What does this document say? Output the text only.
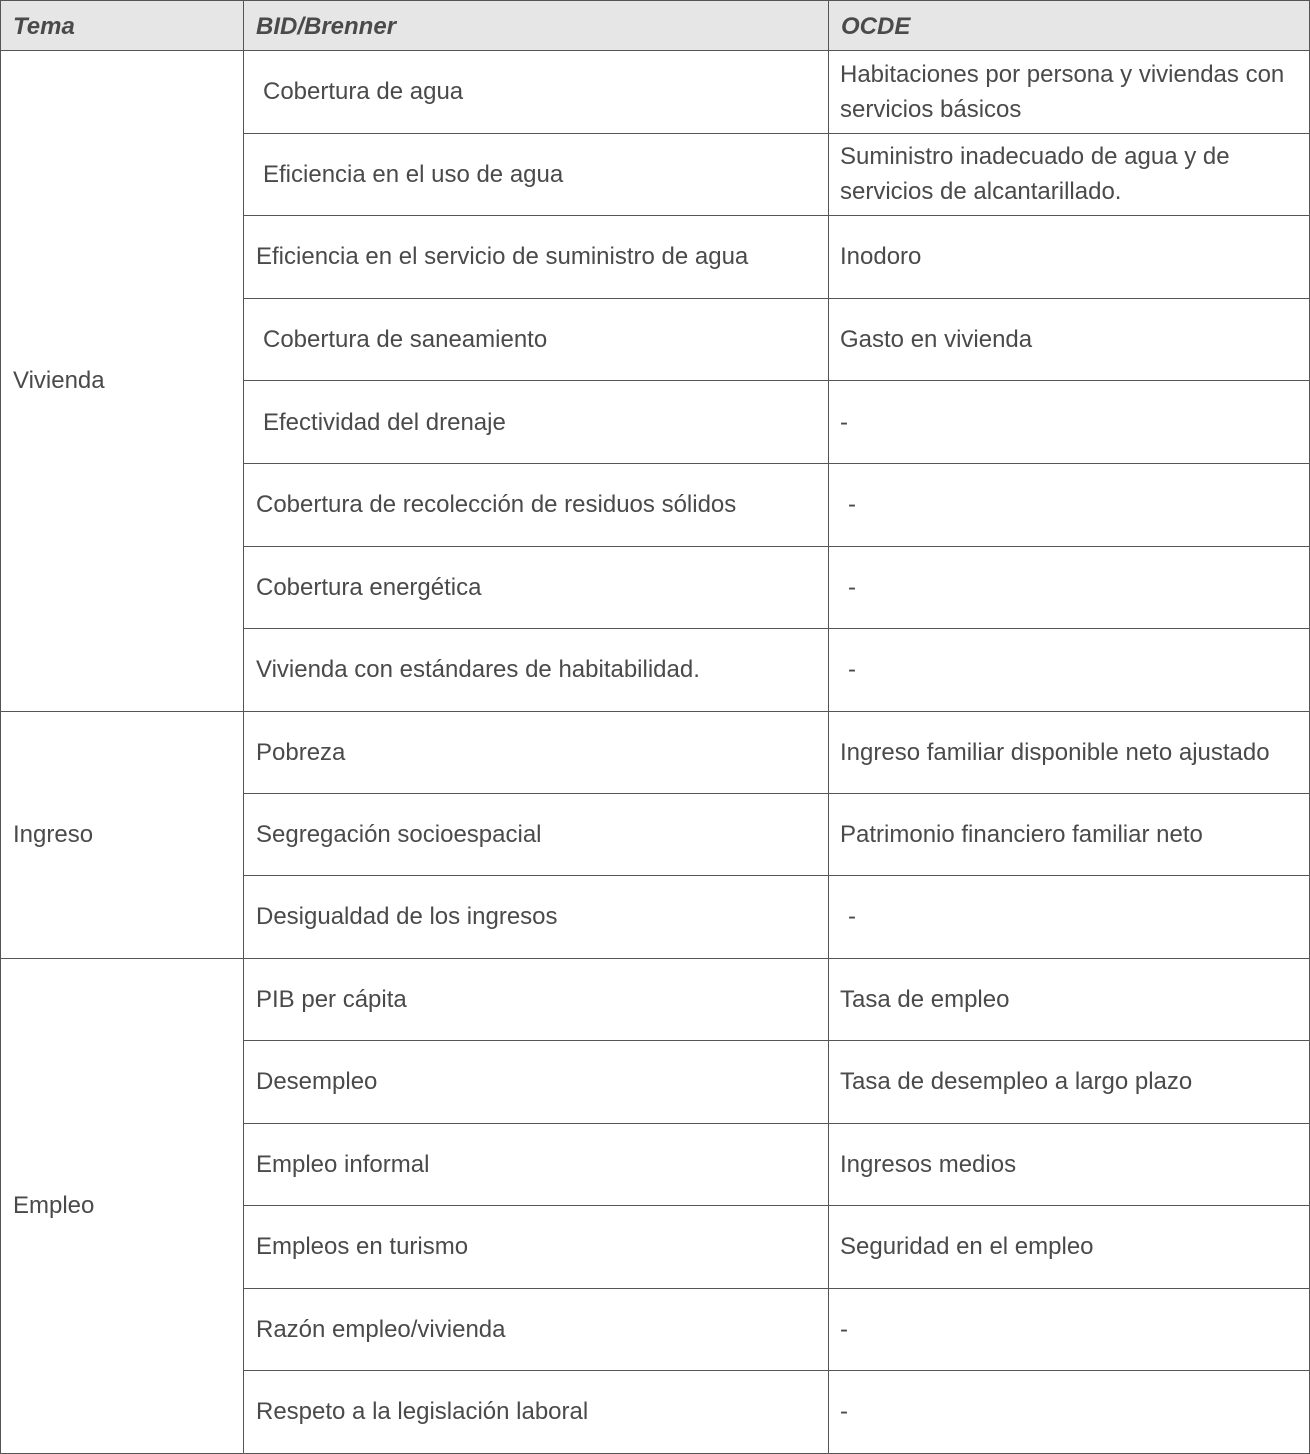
Tema	BID/Brenner	OCDE
Vivienda	Cobertura de agua	Habitaciones por persona y viviendas con servicios básicos
	Eficiencia en el uso de agua	Suministro inadecuado de agua y de servicios de alcantarillado.
	Eficiencia en el servicio de suministro de agua	Inodoro
	Cobertura de saneamiento	Gasto en vivienda
	Efectividad del drenaje	-
	Cobertura de recolección de residuos sólidos	-
	Cobertura energética	-
	Vivienda con estándares de habitabilidad.	-
Ingreso	Pobreza	Ingreso familiar disponible neto ajustado
	Segregación socioespacial	Patrimonio financiero familiar neto
	Desigualdad de los ingresos	-
Empleo	PIB per cápita	Tasa de empleo
	Desempleo	Tasa de desempleo a largo plazo
	Empleo informal	Ingresos medios
	Empleos en turismo	Seguridad en el empleo
	Razón empleo/vivienda	-
	Respeto a la legislación laboral	-
